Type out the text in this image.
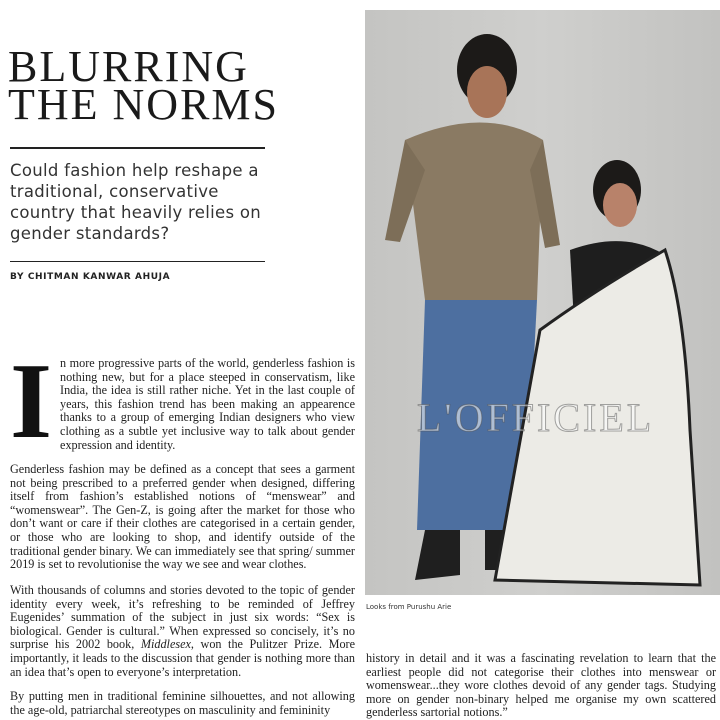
BLURRING
THE NORMS
Could fashion help reshape a traditional, conservative country that heavily relies on gender standards?
BY CHITMAN KANWAR AHUJA

In more progressive parts of the world, genderless fashion is nothing new, but for a place steeped in conservatism, like India, the idea is still rather niche. Yet in the last couple of years, this fashion trend has been making an appearence thanks to a group of emerging Indian designers who view clothing as a subtle yet inclusive way to talk about gender expression and identity.

Genderless fashion may be defined as a concept that sees a garment not being prescribed to a preferred gender when designed, differing itself from fashion’s established notions of “menswear” and “womenswear”. The Gen-Z, is going after the market for those who don’t want or care if their clothes are categorised in a certain gender, or those who are looking to shop, and identify outside of the traditional gender binary. We can immediately see that spring/ summer 2019 is set to revolutionise the way we see and wear clothes.

With thousands of columns and stories devoted to the topic of gender identity every week, it’s refreshing to be reminded of Jeffrey Eugenides’ summation of the subject in just six words: “Sex is biological. Gender is cultural.” When expressed so concisely, it’s no surprise his 2002 book, Middlesex, won the Pulitzer Prize. More importantly, it leads to the discussion that gender is nothing more than an idea that’s open to everyone’s interpretation.

By putting men in traditional feminine silhouettes, and not allowing the age-old, patriarchal stereotypes on masculinity and femininity

L'OFFICIEL
Looks from Purushu Arie

history in detail and it was a fascinating revelation to learn that the earliest people did not categorise their clothes into menswear or womenswear...they wore clothes devoid of any gender tags. Studying more on gender non-binary helped me organise my own scattered genderless sartorial notions.”
